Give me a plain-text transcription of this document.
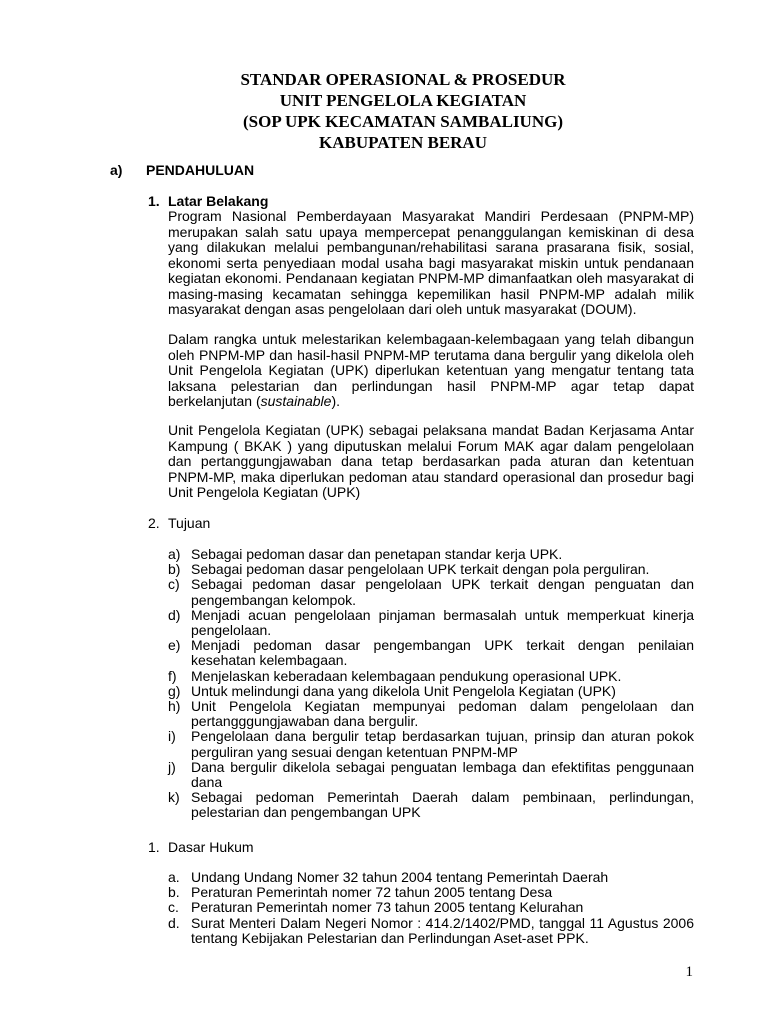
STANDAR OPERASIONAL & PROSEDUR
UNIT PENGELOLA KEGIATAN
(SOP UPK KECAMATAN SAMBALIUNG)
KABUPATEN BERAU
a) PENDAHULUAN
1. Latar Belakang

Program Nasional Pemberdayaan Masyarakat Mandiri Perdesaan (PNPM-MP) merupakan salah satu upaya mempercepat penanggulangan kemiskinan di desa yang dilakukan melalui pembangunan/rehabilitasi sarana prasarana fisik, sosial, ekonomi serta penyediaan modal usaha bagi masyarakat miskin untuk pendanaan kegiatan ekonomi. Pendanaan kegiatan PNPM-MP dimanfaatkan oleh masyarakat di masing-masing kecamatan sehingga kepemilikan hasil PNPM-MP adalah milik masyarakat dengan asas pengelolaan dari oleh untuk masyarakat (DOUM).

Dalam rangka untuk melestarikan kelembagaan-kelembagaan yang telah dibangun oleh PNPM-MP dan hasil-hasil PNPM-MP terutama dana bergulir yang dikelola oleh Unit Pengelola Kegiatan (UPK) diperlukan ketentuan yang mengatur tentang tata laksana pelestarian dan perlindungan hasil PNPM-MP agar tetap dapat berkelanjutan (sustainable).

Unit Pengelola Kegiatan (UPK) sebagai pelaksana mandat Badan Kerjasama Antar Kampung ( BKAK ) yang diputuskan melalui Forum MAK agar dalam pengelolaan dan pertanggungjawaban dana tetap berdasarkan pada aturan dan ketentuan PNPM-MP, maka diperlukan pedoman atau standard operasional dan prosedur bagi Unit Pengelola Kegiatan (UPK)

2. Tujuan
a) Sebagai pedoman dasar dan penetapan standar kerja UPK.
b) Sebagai pedoman dasar pengelolaan UPK terkait dengan pola perguliran.
c) Sebagai pedoman dasar pengelolaan UPK terkait dengan penguatan dan pengembangan kelompok.
d) Menjadi acuan pengelolaan pinjaman bermasalah untuk memperkuat kinerja pengelolaan.
e) Menjadi pedoman dasar pengembangan UPK terkait dengan penilaian kesehatan kelembagaan.
f) Menjelaskan keberadaan kelembagaan pendukung operasional UPK.
g) Untuk melindungi dana yang dikelola Unit Pengelola Kegiatan (UPK)
h) Unit Pengelola Kegiatan mempunyai pedoman dalam pengelolaan dan pertangggungjawaban dana bergulir.
i) Pengelolaan dana bergulir tetap berdasarkan tujuan, prinsip dan aturan pokok perguliran yang sesuai dengan ketentuan PNPM-MP
j) Dana bergulir dikelola sebagai penguatan lembaga dan efektifitas penggunaan dana
k) Sebagai pedoman Pemerintah Daerah dalam pembinaan, perlindungan, pelestarian dan pengembangan UPK
1. Dasar Hukum
a. Undang Undang Nomer 32 tahun 2004 tentang Pemerintah Daerah
b. Peraturan Pemerintah nomer 72 tahun 2005 tentang Desa
c. Peraturan Pemerintah nomer 73 tahun 2005 tentang Kelurahan
d. Surat Menteri Dalam Negeri Nomor : 414.2/1402/PMD, tanggal 11 Agustus 2006 tentang Kebijakan Pelestarian dan Perlindungan Aset-aset PPK.
1
